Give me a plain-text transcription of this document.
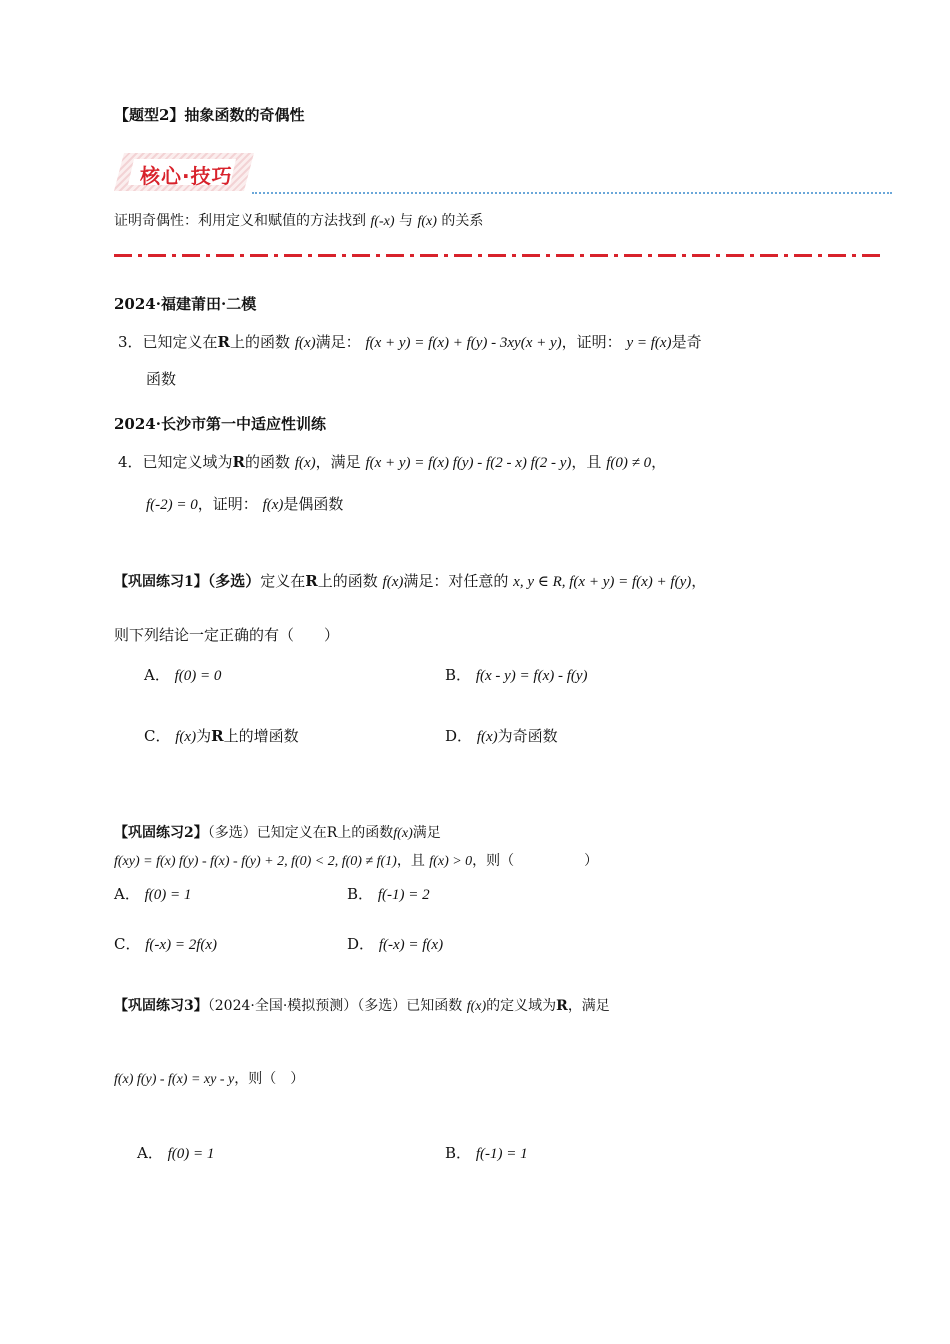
【题型2】抽象函数的奇偶性
核心·技巧
证明奇偶性：利用定义和赋值的方法找到 f(-x) 与 f(x) 的关系
2024·福建莆田·二模
3．已知定义在R上的函数 f(x)满足： f(x + y) = f(x) + f(y) - 3xy(x + y)，证明： y = f(x)是奇
函数
2024·长沙市第一中适应性训练
4．已知定义域为R的函数 f(x)，满足 f(x + y) = f(x) f(y) - f(2 - x) f(2 - y)，且 f(0) ≠ 0，
f(-2) = 0，证明： f(x)是偶函数
【巩固练习1】（多选）定义在R上的函数 f(x)满足：对任意的 x, y ∈ R, f(x + y) = f(x) + f(y)，
则下列结论一定正确的有（　　）
A． f(0) = 0	B． f(x - y) = f(x) - f(y)
C． f(x)为R上的增函数	D． f(x)为奇函数
【巩固练习2】（多选）已知定义在R上的函数f(x)满足
f(xy) = f(x) f(y) - f(x) - f(y) + 2, f(0) < 2, f(0) ≠ f(1)，且 f(x) > 0，则（　　　　　）
A． f(0) = 1	B． f(-1) = 2
C． f(-x) = 2f(x)	D． f(-x) = f(x)
【巩固练习3】（2024·全国·模拟预测）（多选）已知函数 f(x)的定义域为R，满足
f(x) f(y) - f(x) = xy - y，则（　）
A． f(0) = 1	B． f(-1) = 1
